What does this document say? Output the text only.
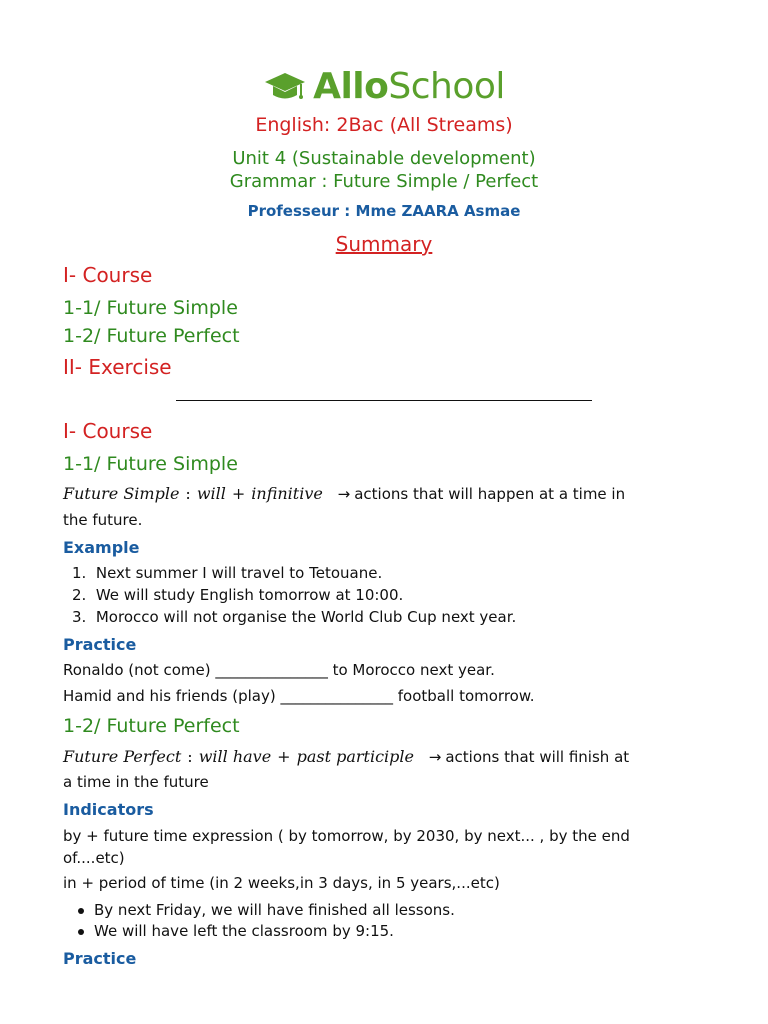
AlloSchool
English: 2Bac (All Streams)
Unit 4 (Sustainable development)
Grammar : Future Simple / Perfect
Professeur : Mme ZAARA Asmae
Summary
I- Course
1-1/ Future Simple
1-2/ Future Perfect
II- Exercise
I- Course
1-1/ Future Simple
Future Simple : will + infinitive → actions that will happen at a time in
the future.
Example
1.  Next summer I will travel to Tetouane.
2.  We will study English tomorrow at 10:00.
3.  Morocco will not organise the World Club Cup next year.
Practice
Ronaldo (not come) _______________ to Morocco next year.
Hamid and his friends (play) _______________ football tomorrow.
1-2/ Future Perfect
Future Perfect : will have + past participle → actions that will finish at
a time in the future
Indicators
by + future time expression ( by tomorrow, by 2030, by next... , by the end
of....etc)
in + period of time (in 2 weeks,in 3 days, in 5 years,...etc)
By next Friday, we will have finished all lessons.
We will have left the classroom by 9:15.
Practice
